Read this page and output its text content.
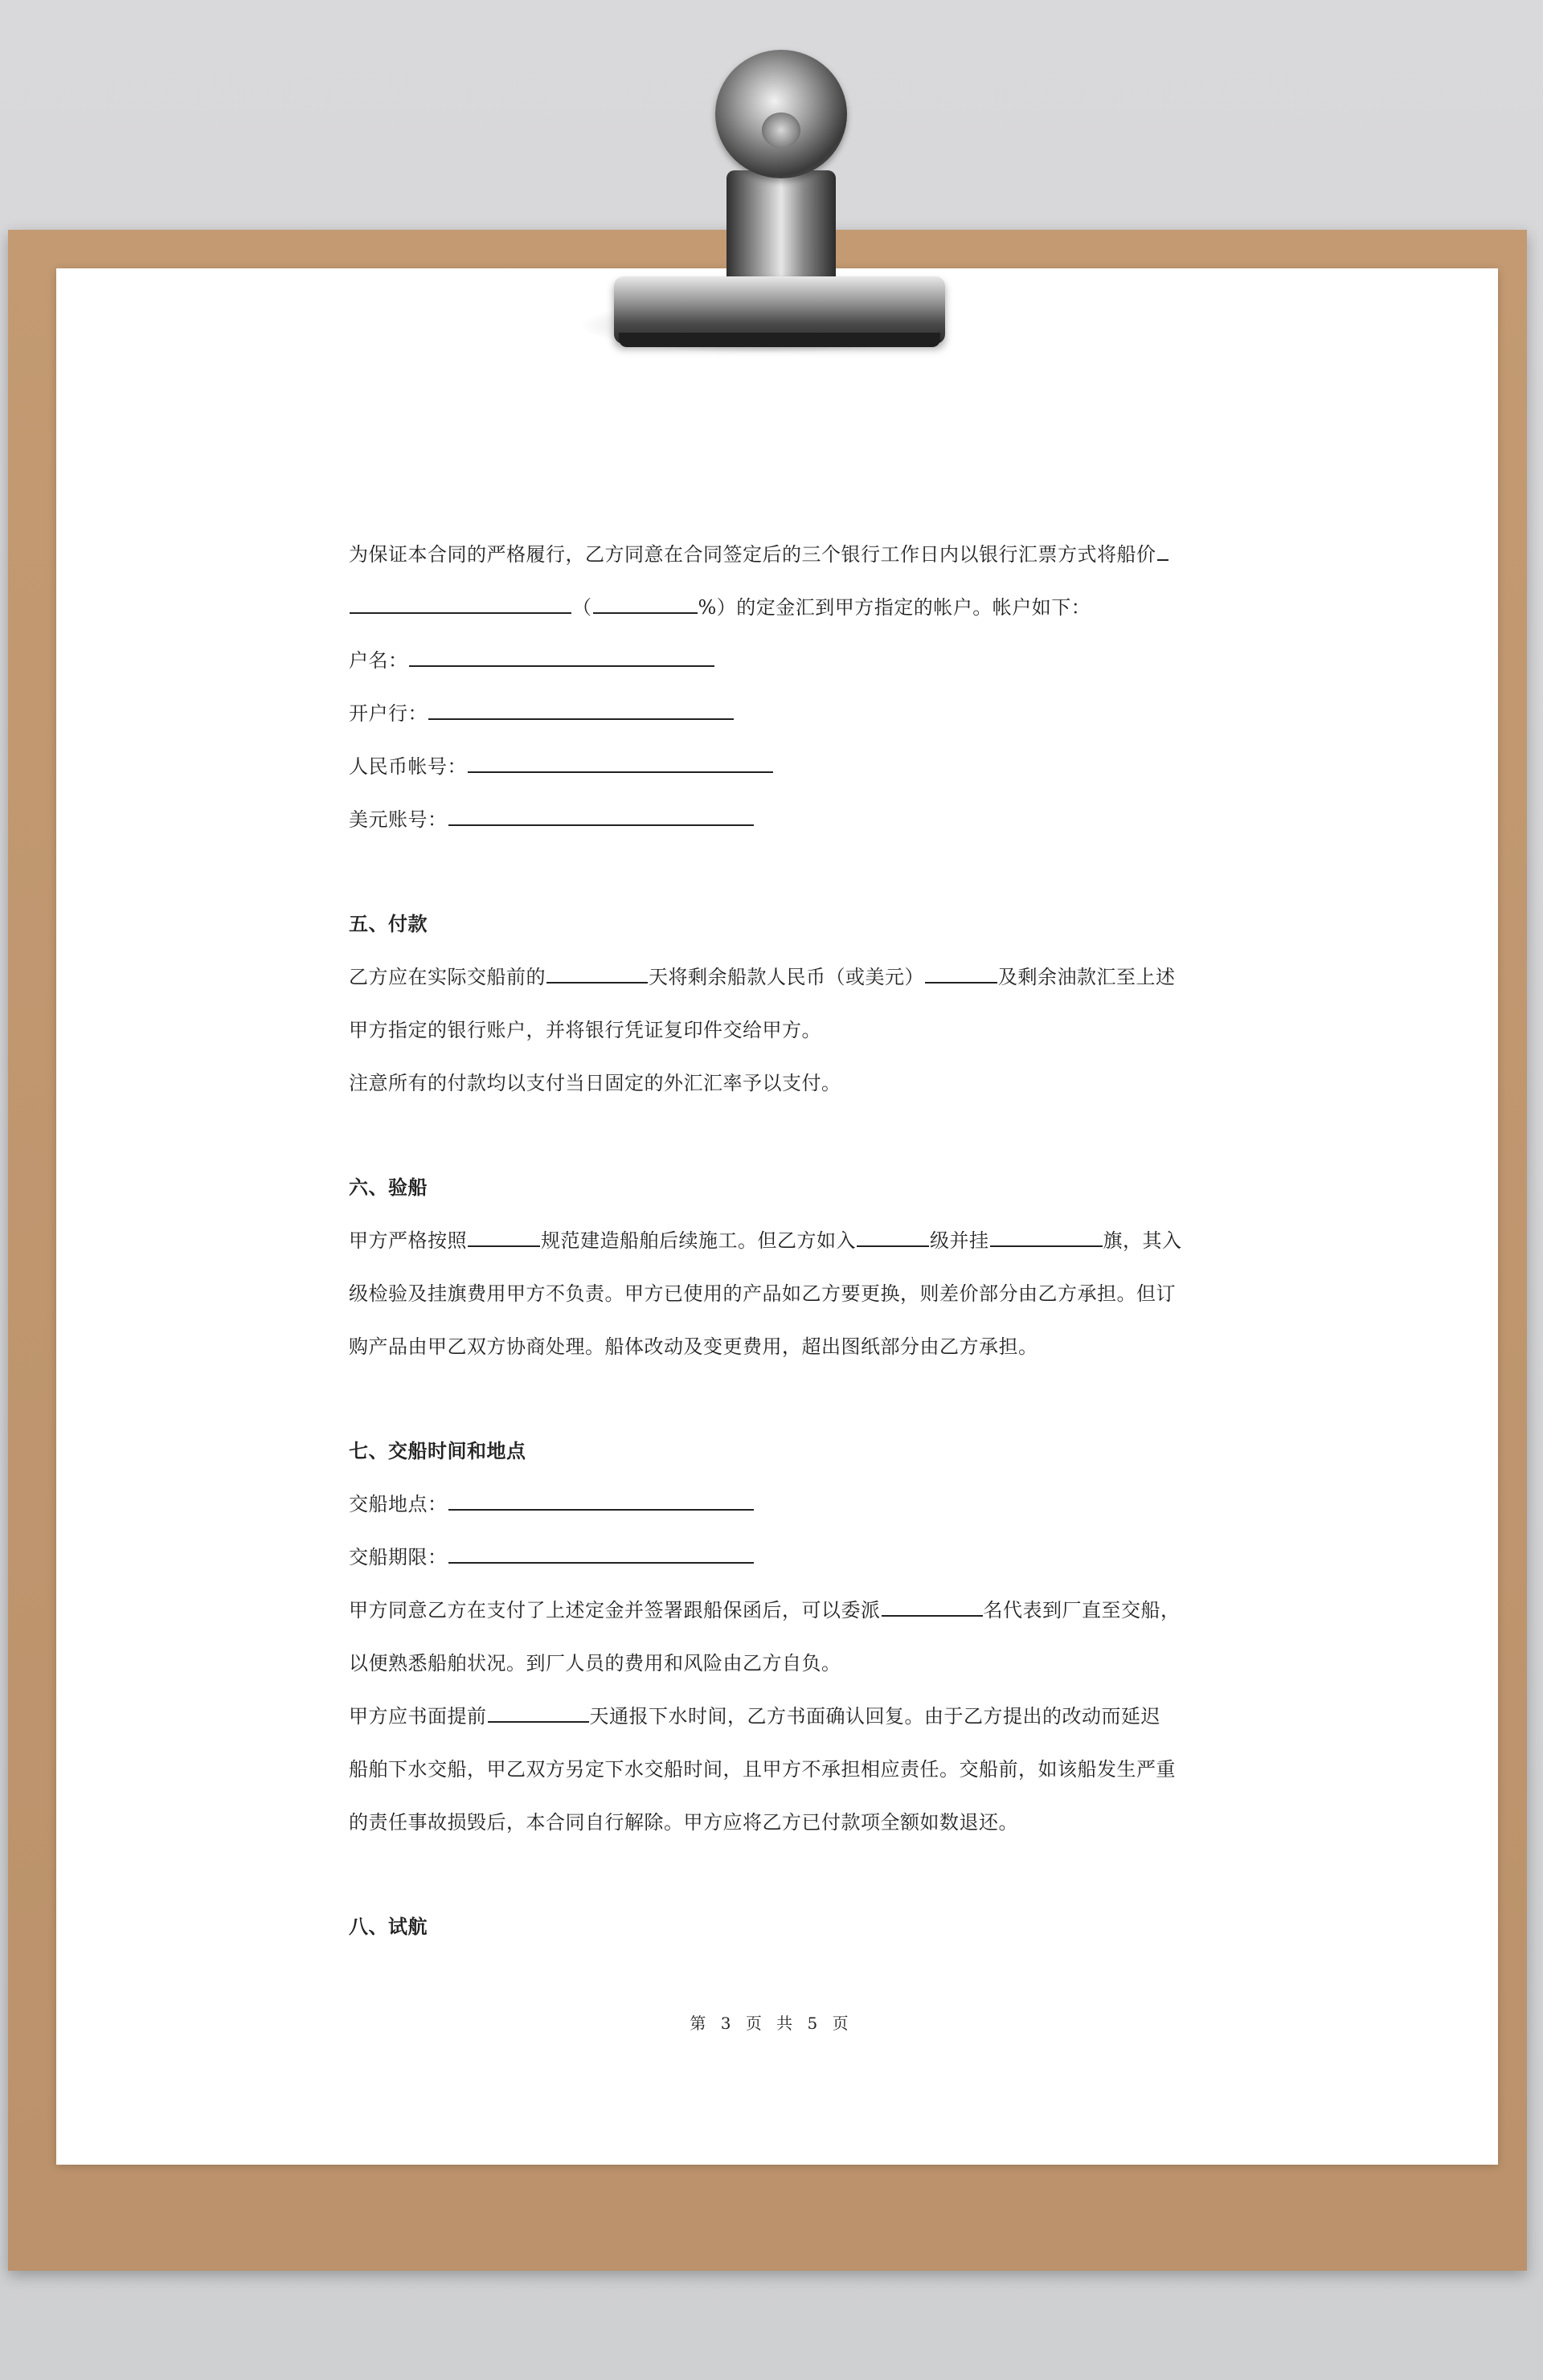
为保证本合同的严格履行，乙方同意在合同签定后的三个银行工作日内以银行汇票方式将船价
（	%）的定金汇到甲方指定的帐户。帐户如下：
户名：
开户行：
人民币帐号：
美元账号：
五、付款
乙方应在实际交船前的	天将剩余船款人民币（或美元）	及剩余油款汇至上述
甲方指定的银行账户，并将银行凭证复印件交给甲方。
注意所有的付款均以支付当日固定的外汇汇率予以支付。
六、验船
甲方严格按照	规范建造船舶后续施工。但乙方如入	级并挂	旗，其入
级检验及挂旗费用甲方不负责。甲方已使用的产品如乙方要更换，则差价部分由乙方承担。但订
购产品由甲乙双方协商处理。船体改动及变更费用，超出图纸部分由乙方承担。
七、交船时间和地点
交船地点：
交船期限：
甲方同意乙方在支付了上述定金并签署跟船保函后，可以委派	名代表到厂直至交船，
以便熟悉船舶状况。到厂人员的费用和风险由乙方自负。
甲方应书面提前	天通报下水时间，乙方书面确认回复。由于乙方提出的改动而延迟
船舶下水交船，甲乙双方另定下水交船时间，且甲方不承担相应责任。交船前，如该船发生严重
的责任事故损毁后，本合同自行解除。甲方应将乙方已付款项全额如数退还。
八、试航
第 3 页 共 5 页
